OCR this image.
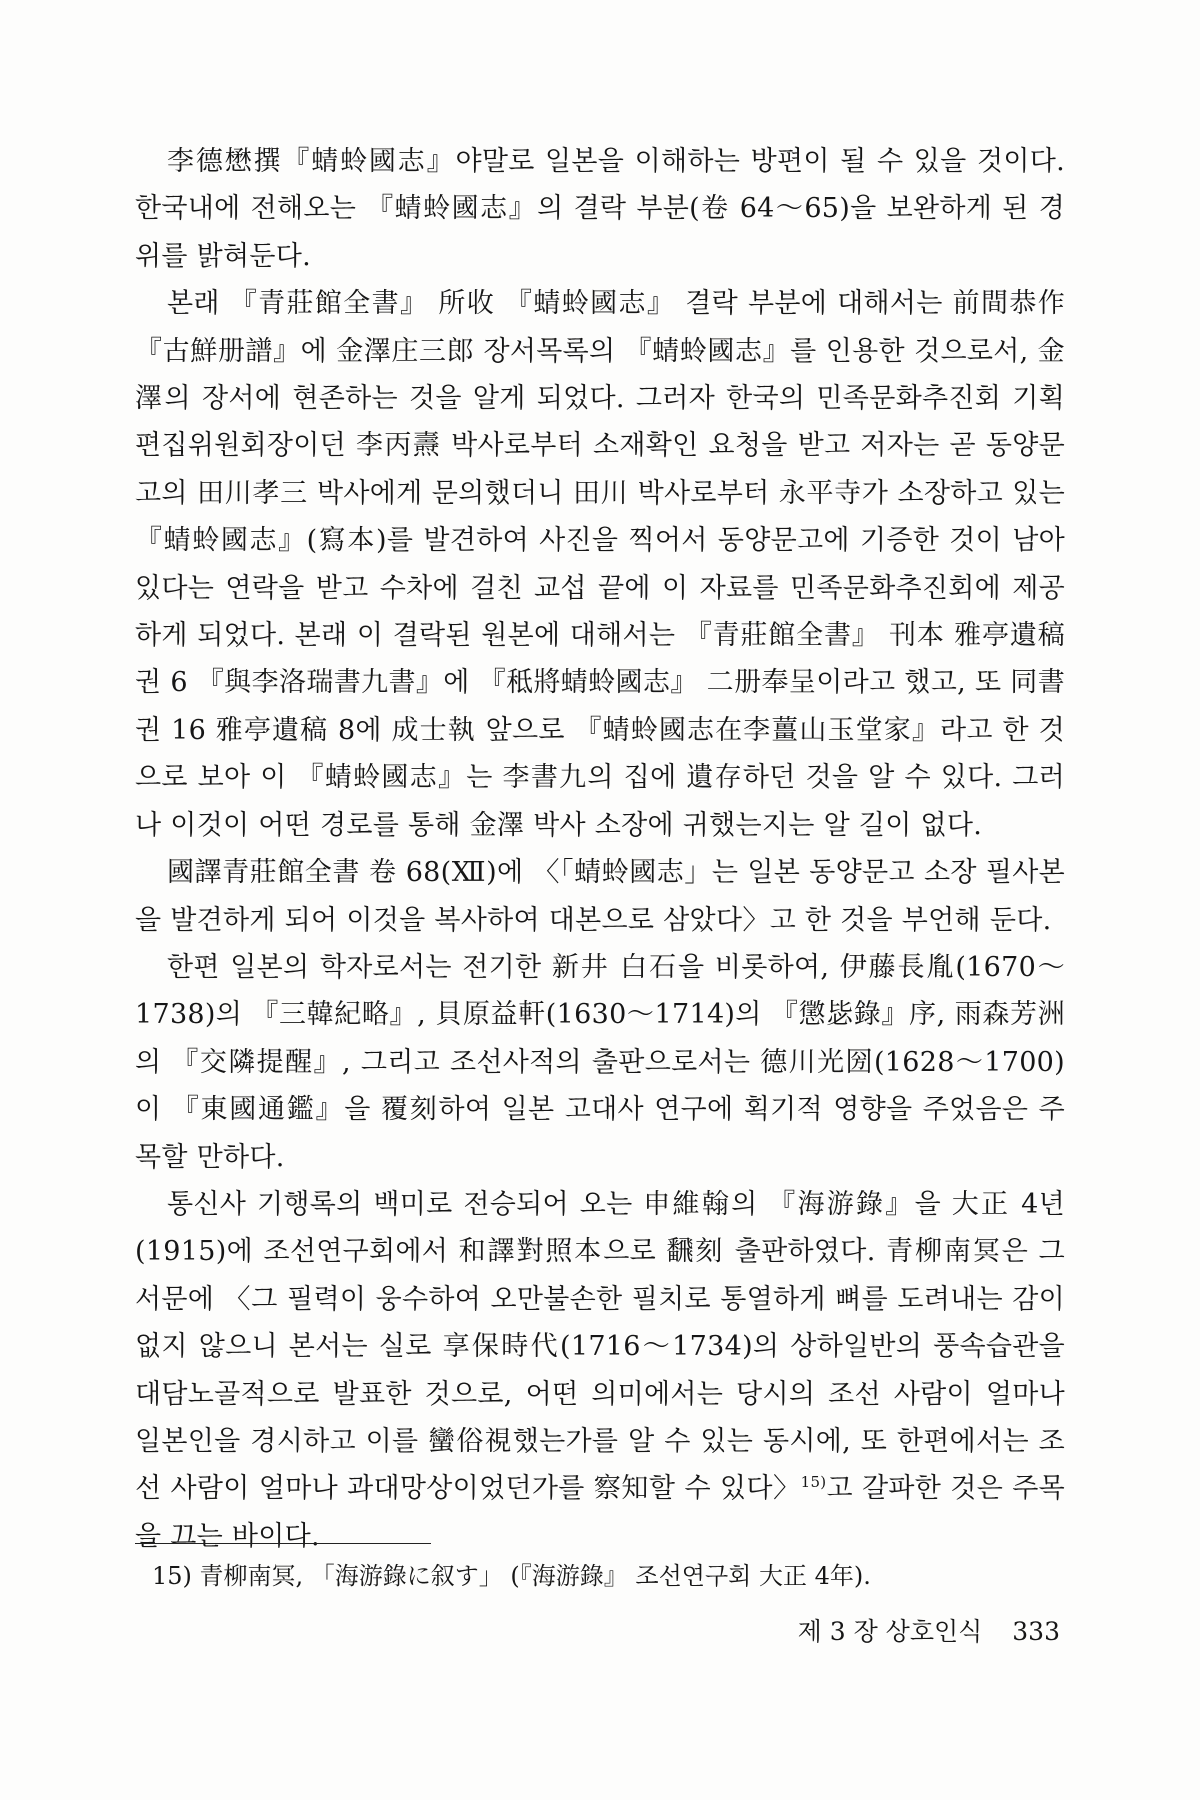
李德懋撰『蜻蛉國志』야말로 일본을 이해하는 방편이 될 수 있을 것이다. 한국내에 전해오는 『蜻蛉國志』의 결락 부분(卷 64～65)을 보완하게 된 경위를 밝혀둔다.

본래 『青莊館全書』 所收 『蜻蛉國志』 결락 부분에 대해서는 前間恭作 『古鮮册譜』에 金澤庄三郎 장서목록의 『蜻蛉國志』를 인용한 것으로서, 金澤의 장서에 현존하는 것을 알게 되었다. 그러자 한국의 민족문화추진회 기획편집위원회장이던 李丙燾 박사로부터 소재확인 요청을 받고 저자는 곧 동양문고의 田川孝三 박사에게 문의했더니 田川 박사로부터 永平寺가 소장하고 있는 『蜻蛉國志』(寫本)를 발견하여 사진을 찍어서 동양문고에 기증한 것이 남아 있다는 연락을 받고 수차에 걸친 교섭 끝에 이 자료를 민족문화추진회에 제공하게 되었다. 본래 이 결락된 원본에 대해서는 『青莊館全書』 刊本 雅亭遺稿 권 6 『與李洛瑞書九書』에 『秪將蜻蛉國志』 二册奉呈이라고 했고, 또 同書 권 16 雅亭遺稿 8에 成士執 앞으로 『蜻蛉國志在李薑山玉堂家』라고 한 것으로 보아 이 『蜻蛉國志』는 李書九의 집에 遺存하던 것을 알 수 있다. 그러나 이것이 어떤 경로를 통해 金澤 박사 소장에 귀했는지는 알 길이 없다.

國譯青莊館全書 卷 68(Ⅻ)에 〈「蜻蛉國志」는 일본 동양문고 소장 필사본을 발견하게 되어 이것을 복사하여 대본으로 삼았다〉고 한 것을 부언해 둔다.

한편 일본의 학자로서는 전기한 新井 白石을 비롯하여, 伊藤長胤(1670～1738)의 『三韓紀略』, 貝原益軒(1630～1714)의 『懲毖錄』序, 雨森芳洲의 『交隣提醒』, 그리고 조선사적의 출판으로서는 德川光圀(1628～1700)이 『東國通鑑』을 覆刻하여 일본 고대사 연구에 획기적 영향을 주었음은 주목할 만하다.

통신사 기행록의 백미로 전승되어 오는 申維翰의 『海游錄』을 大正 4년(1915)에 조선연구회에서 和譯對照本으로 飜刻 출판하였다. 青柳南冥은 그 서문에 〈그 필력이 웅수하여 오만불손한 필치로 통열하게 뼈를 도려내는 감이 없지 않으니 본서는 실로 享保時代(1716～1734)의 상하일반의 풍속습관을 대담노골적으로 발표한 것으로, 어떤 의미에서는 당시의 조선 사람이 얼마나 일본인을 경시하고 이를 蠻俗視했는가를 알 수 있는 동시에, 또 한편에서는 조선 사람이 얼마나 과대망상이었던가를 察知할 수 있다〉$^{15)}$고 갈파한 것은 주목을 끄는 바이다.

15) 青柳南冥, 「海游錄に叙す」 (『海游錄』 조선연구회 大正 4年).
제 3 장 상호인식 333
